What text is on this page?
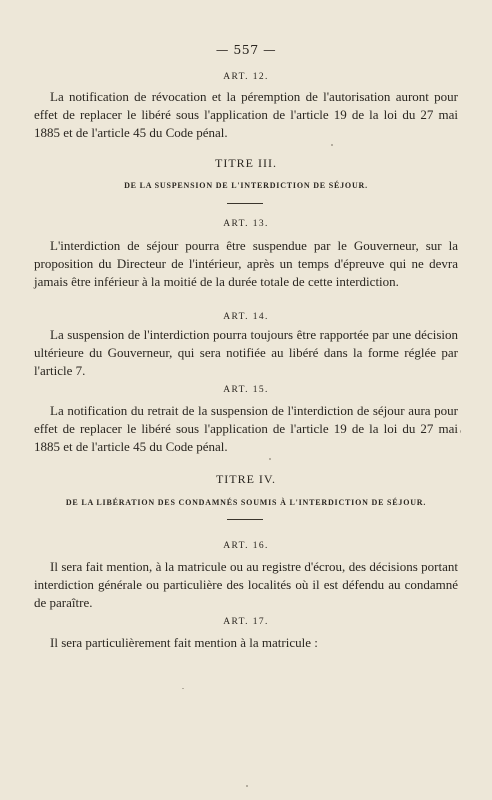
— 557 —
ART. 12.

La notification de révocation et la péremption de l'autorisation auront pour effet de replacer le libéré sous l'application de l'article 19 de la loi du 27 mai 1885 et de l'article 45 du Code pénal.

TITRE III.
DE LA SUSPENSION DE L'INTERDICTION DE SÉJOUR.
ART. 13.

L'interdiction de séjour pourra être suspendue par le Gouverneur, sur la proposition du Directeur de l'intérieur, après un temps d'épreuve qui ne devra jamais être inférieur à la moitié de la durée totale de cette interdiction.

ART. 14.

La suspension de l'interdiction pourra toujours être rapportée par une décision ultérieure du Gouverneur, qui sera notifiée au libéré dans la forme réglée par l'article 7.

ART. 15.

La notification du retrait de la suspension de l'interdiction de séjour aura pour effet de replacer le libéré sous l'application de l'article 19 de la loi du 27 mai 1885 et de l'article 45 du Code pénal.

TITRE IV.
DE LA LIBÉRATION DES CONDAMNÉS SOUMIS À L'INTERDICTION DE SÉJOUR.
ART. 16.

Il sera fait mention, à la matricule ou au registre d'écrou, des décisions portant interdiction générale ou particulière des localités où il est défendu au condamné de paraître.

ART. 17.

Il sera particulièrement fait mention à la matricule :
